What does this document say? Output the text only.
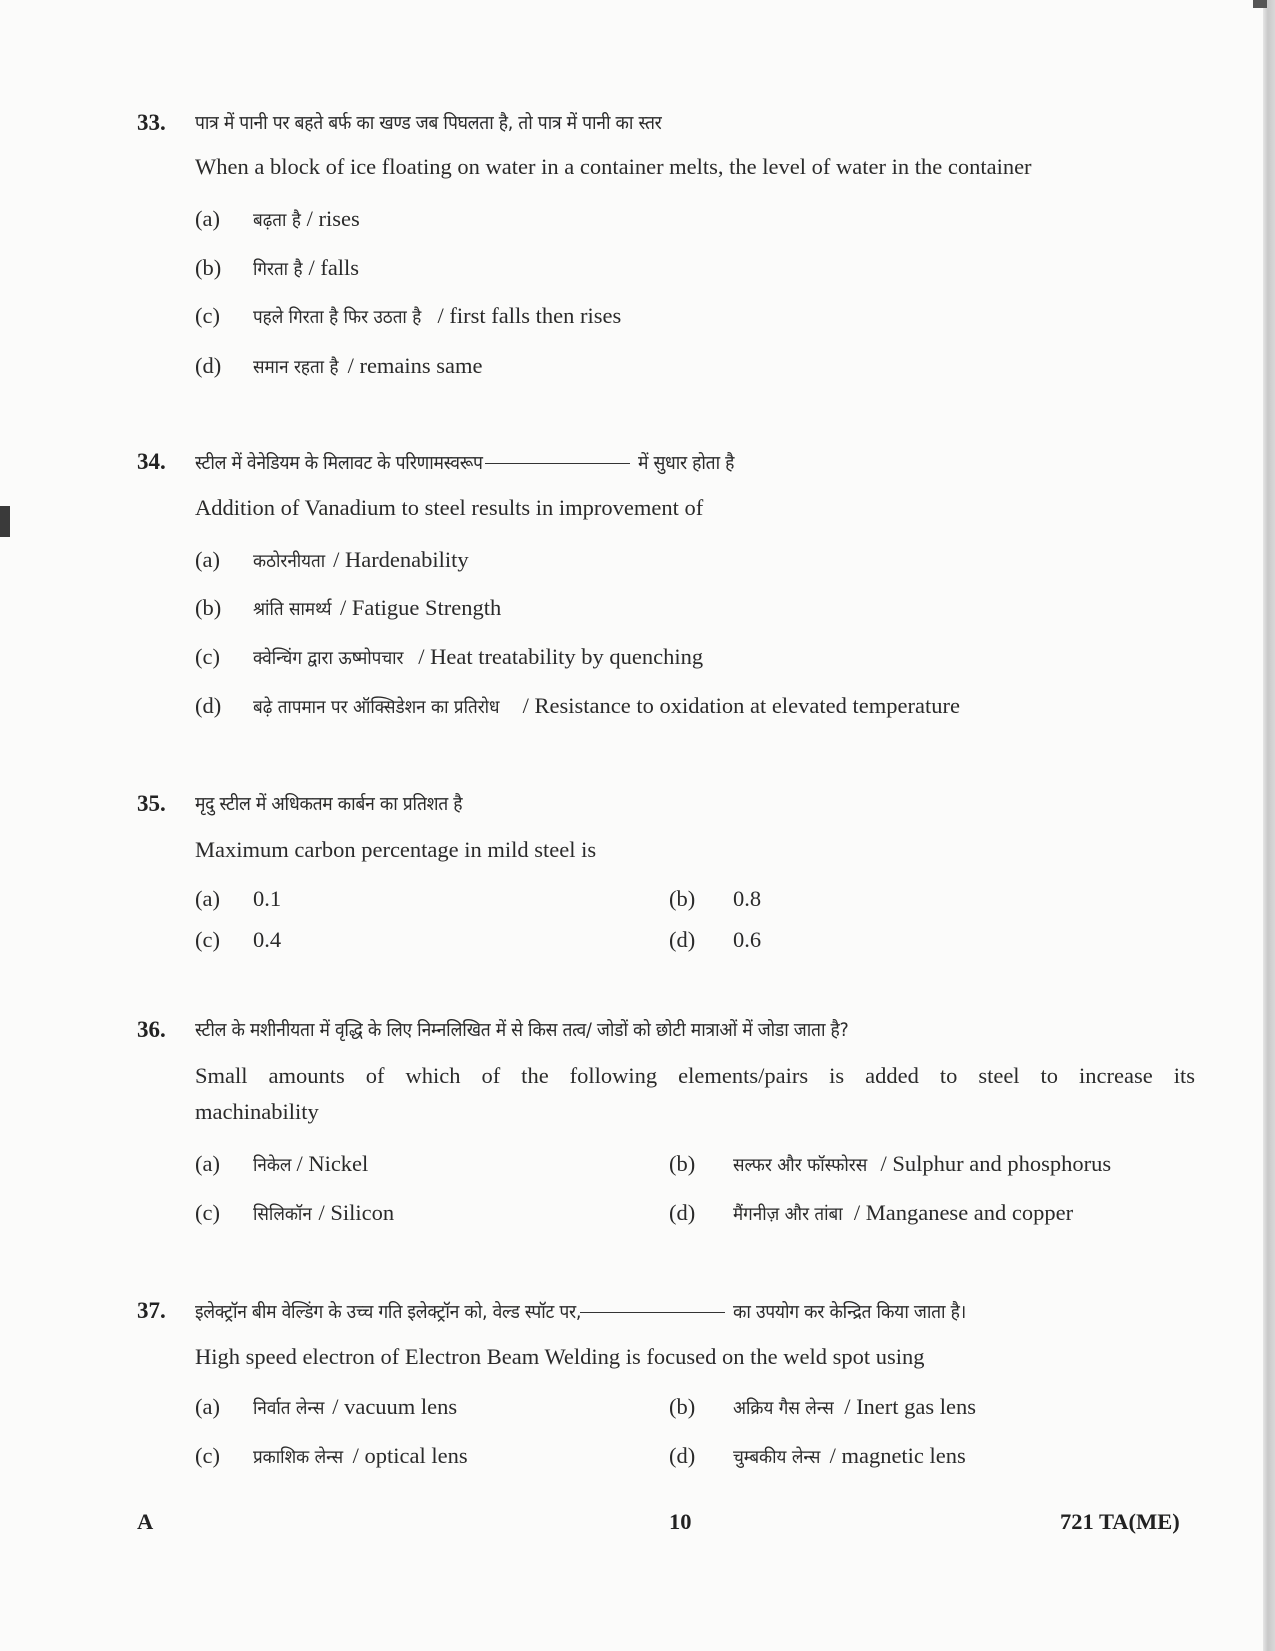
33. पात्र में पानी पर बहते बर्फ का खण्ड जब पिघलता है, तो पात्र में पानी का स्तर
When a block of ice floating on water in a container melts, the level of water in the container
(a) बढ़ता है / rises
(b) गिरता है / falls
(c) पहले गिरता है फिर उठता है / first falls then rises
(d) समान रहता है / remains same
34. स्टील में वेनेडियम के मिलावट के परिणामस्वरूप	में सुधार होता है
Addition of Vanadium to steel results in improvement of
(a) कठोरनीयता / Hardenability
(b) श्रांति सामर्थ्य / Fatigue Strength
(c) क्वेन्चिंग द्वारा ऊष्मोपचार / Heat treatability by quenching
(d) बढ़े तापमान पर ऑक्सिडेशन का प्रतिरोध / Resistance to oxidation at elevated temperature
35. मृदु स्टील में अधिकतम कार्बन का प्रतिशत है
Maximum carbon percentage in mild steel is
(a) 0.1	(b) 0.8
(c) 0.4	(d) 0.6
36. स्टील के मशीनीयता में वृद्धि के लिए निम्नलिखित में से किस तत्व/ जोडों को छोटी मात्राओं में जोडा जाता है?
Small amounts of which of the following elements/pairs is added to steel to increase its
machinability
(a) निकेल / Nickel	(b) सल्फर और फॉस्फोरस / Sulphur and phosphorus
(c) सिलिकॉन / Silicon	(d) मैंगनीज़ और तांबा / Manganese and copper
37. इलेक्ट्रॉन बीम वेल्डिंग के उच्च गति इलेक्ट्रॉन को, वेल्ड स्पॉट पर,	का उपयोग कर केन्द्रित किया जाता है।
High speed electron of Electron Beam Welding is focused on the weld spot using
(a) निर्वात लेन्स / vacuum lens	(b) अक्रिय गैस लेन्स / Inert gas lens
(c) प्रकाशिक लेन्स / optical lens	(d) चुम्बकीय लेन्स / magnetic lens
A	10	721 TA(ME)
